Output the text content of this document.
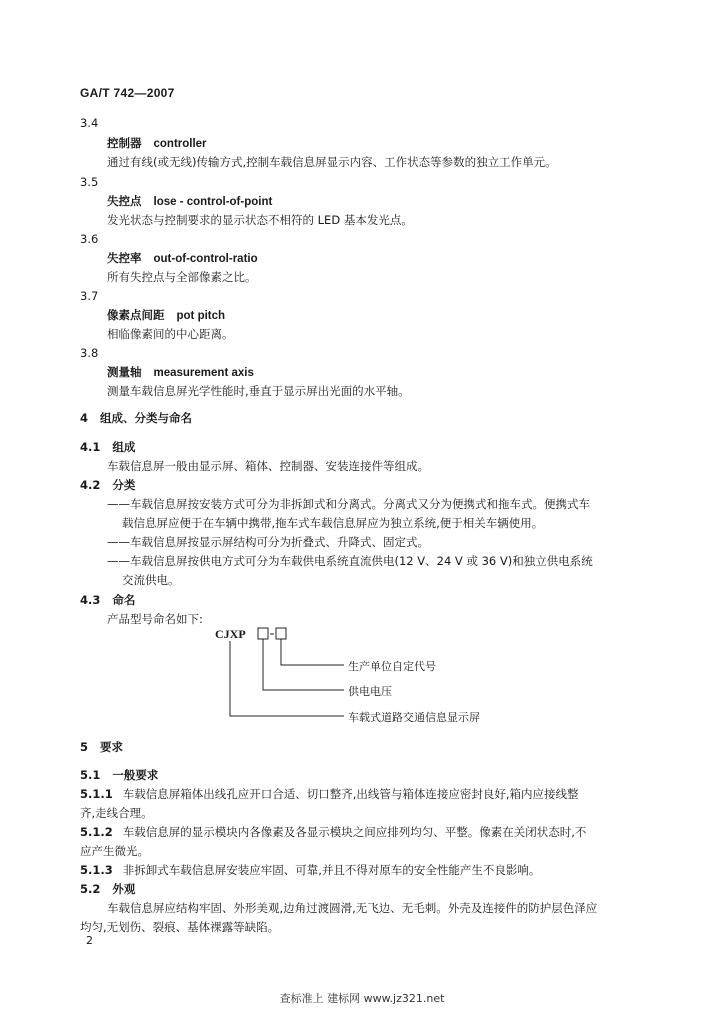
GA/T 742—2007
3.4
控制器 controller
通过有线(或无线)传输方式,控制车载信息屏显示内容、工作状态等参数的独立工作单元。
3.5
失控点 lose - control-of-point
发光状态与控制要求的显示状态不相符的 LED 基本发光点。
3.6
失控率 out-of-control-ratio
所有失控点与全部像素之比。
3.7
像素点间距 pot pitch
相临像素间的中心距离。
3.8
测量轴 measurement axis
测量车载信息屏光学性能时,垂直于显示屏出光面的水平轴。
4 组成、分类与命名
4.1 组成
车载信息屏一般由显示屏、箱体、控制器、安装连接件等组成。
4.2 分类
——车载信息屏按安装方式可分为非拆卸式和分离式。分离式又分为便携式和拖车式。便携式车
载信息屏应便于在车辆中携带,拖车式车载信息屏应为独立系统,便于相关车辆使用。
——车载信息屏按显示屏结构可分为折叠式、升降式、固定式。
——车载信息屏按供电方式可分为车载供电系统直流供电(12 V、24 V 或 36 V)和独立供电系统
交流供电。
4.3 命名
产品型号命名如下:
CJXP
生产单位自定代号
供电电压
车载式道路交通信息显示屏
5 要求
5.1 一般要求
5.1.1 车载信息屏箱体出线孔应开口合适、切口整齐,出线管与箱体连接应密封良好,箱内应接线整
齐,走线合理。
5.1.2 车载信息屏的显示模块内各像素及各显示模块之间应排列均匀、平整。像素在关闭状态时,不
应产生微光。
5.1.3 非拆卸式车载信息屏安装应牢固、可靠,并且不得对原车的安全性能产生不良影响。
5.2 外观
车载信息屏应结构牢固、外形美观,边角过渡圆滑,无飞边、无毛刺。外壳及连接件的防护层色泽应
均匀,无划伤、裂痕、基体裸露等缺陷。
2
查标准上 建标网 www.jz321.net
